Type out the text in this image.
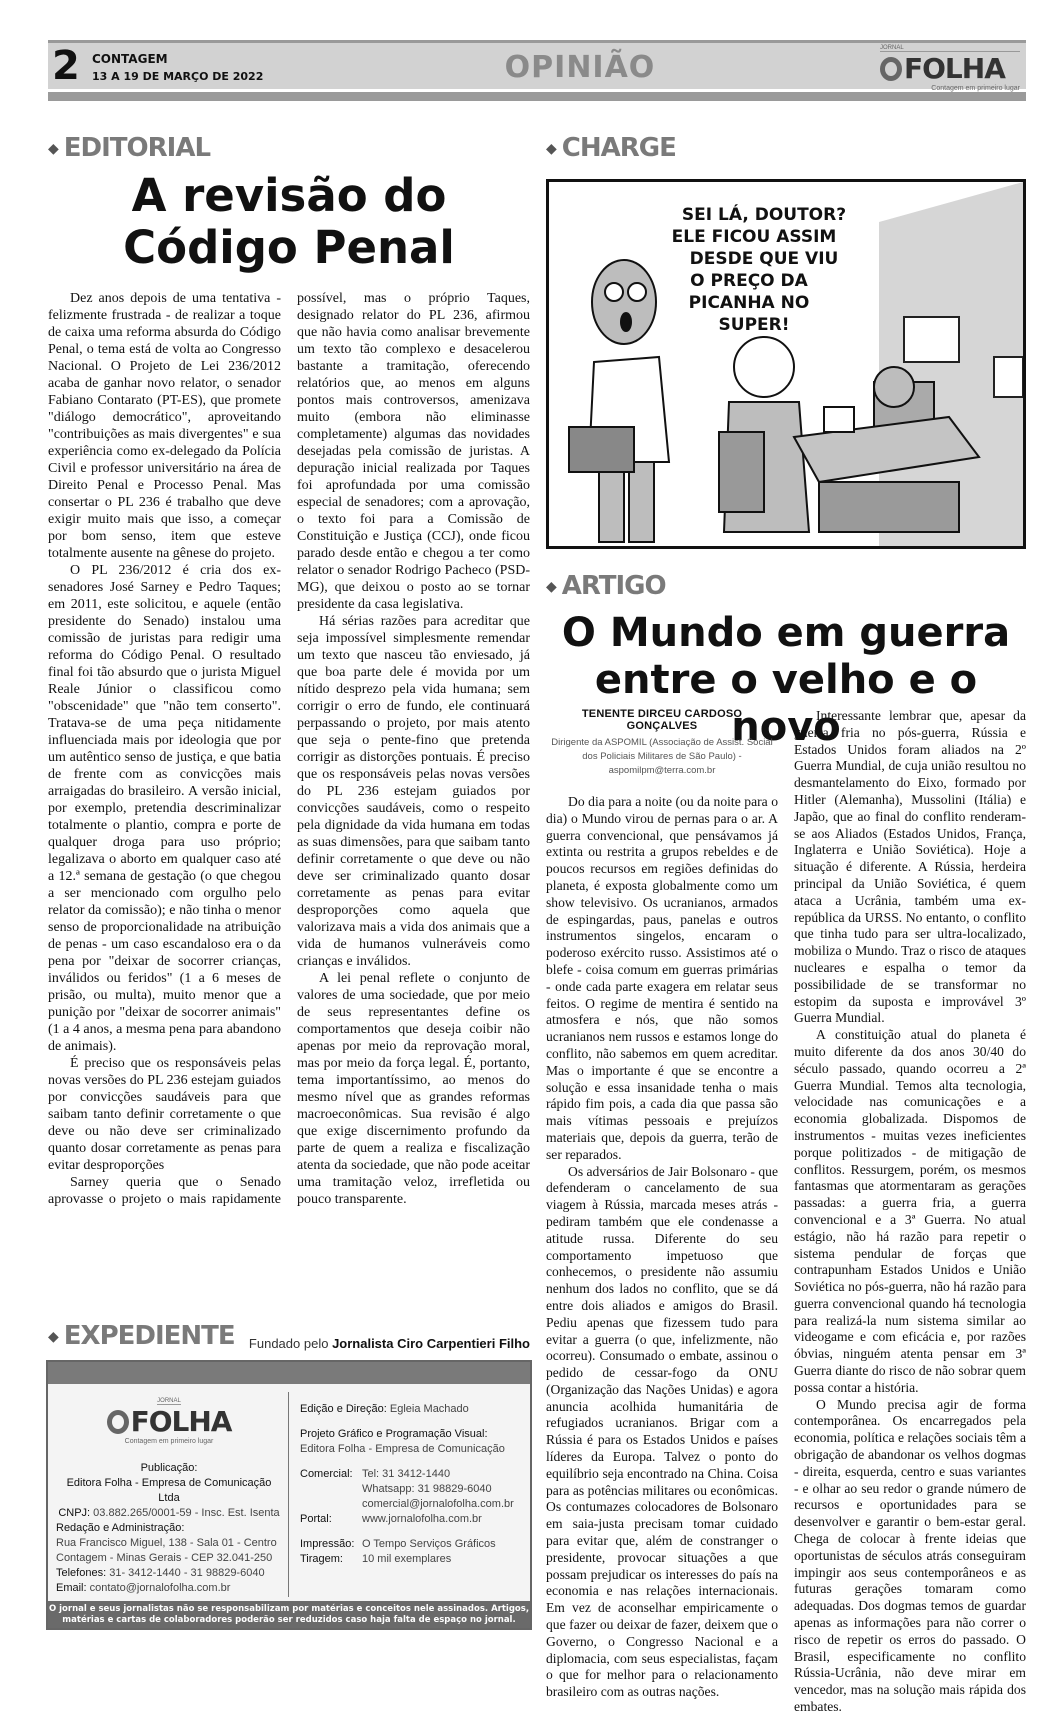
2 CONTAGEM
13 A 19 DE MARÇO DE 2022	OPINIÃO
JORNAL
FOLHA
Contagem em primeiro lugar
◆ EDITORIAL
A revisão do
Código Penal

Dez anos depois de uma tentativa - felizmente frustrada - de realizar a toque de caixa uma reforma absurda do Código Penal, o tema está de volta ao Congresso Nacional. O Projeto de Lei 236/2012 acaba de ganhar novo relator, o senador Fabiano Contarato (PT-ES), que promete "diálogo democrático", aproveitando "contribuições as mais divergentes" e sua experiência como ex-delegado da Polícia Civil e professor universitário na área de Direito Penal e Processo Penal. Mas consertar o PL 236 é trabalho que deve exigir muito mais que isso, a começar por bom senso, item que esteve totalmente ausente na gênese do projeto.

O PL 236/2012 é cria dos ex-senadores José Sarney e Pedro Taques; em 2011, este solicitou, e aquele (então presidente do Senado) instalou uma comissão de juristas para redigir uma reforma do Código Penal. O resultado final foi tão absurdo que o jurista Miguel Reale Júnior o classificou como "obscenidade" que "não tem conserto". Tratava-se de uma peça nitidamente influenciada mais por ideologia que por um autêntico senso de justiça, e que batia de frente com as convicções mais arraigadas do brasileiro. A versão inicial, por exemplo, pretendia descriminalizar totalmente o plantio, compra e porte de qualquer droga para uso próprio; legalizava o aborto em qualquer caso até a 12.ª semana de gestação (o que chegou a ser mencionado com orgulho pelo relator da comissão); e não tinha o menor senso de proporcionalidade na atribuição de penas - um caso escandaloso era o da pena por "deixar de socorrer crianças, inválidos ou feridos" (1 a 6 meses de prisão, ou multa), muito menor que a punição por "deixar de socorrer animais" (1 a 4 anos, a mesma pena para abandono de animais).

É preciso que os responsáveis pelas novas versões do PL 236 estejam guiados por convicções saudáveis para que saibam tanto definir corretamente o que deve ou não deve ser criminalizado quanto dosar corretamente as penas para evitar desproporções

Sarney queria que o Senado aprovasse o projeto o mais rapidamente possível, mas o próprio Taques, designado relator do PL 236, afirmou que não havia como analisar brevemente um texto tão complexo e desacelerou bastante a tramitação, oferecendo relatórios que, ao menos em alguns pontos mais controversos, amenizava muito (embora não eliminasse completamente) algumas das novidades desejadas pela comissão de juristas. A depuração inicial realizada por Taques foi aprofundada por uma comissão especial de senadores; com a aprovação, o texto foi para a Comissão de Constituição e Justiça (CCJ), onde ficou parado desde então e chegou a ter como relator o senador Rodrigo Pacheco (PSD-MG), que deixou o posto ao se tornar presidente da casa legislativa.

Há sérias razões para acreditar que seja impossível simplesmente remendar um texto que nasceu tão enviesado, já que boa parte dele é movida por um nítido desprezo pela vida humana; sem corrigir o erro de fundo, ele continuará perpassando o projeto, por mais atento que seja o pente-fino que pretenda corrigir as distorções pontuais. É preciso que os responsáveis pelas novas versões do PL 236 estejam guiados por convicções saudáveis, como o respeito pela dignidade da vida humana em todas as suas dimensões, para que saibam tanto definir corretamente o que deve ou não deve ser criminalizado quanto dosar corretamente as penas para evitar desproporções como aquela que valorizava mais a vida dos animais que a vida de humanos vulneráveis como crianças e inválidos.

A lei penal reflete o conjunto de valores de uma sociedade, que por meio de seus representantes define os comportamentos que deseja coibir não apenas por meio da reprovação moral, mas por meio da força legal. É, portanto, tema importantíssimo, ao menos do mesmo nível que as grandes reformas macroeconômicas. Sua revisão é algo que exige discernimento profundo da parte de quem a realiza e fiscalização atenta da sociedade, que não pode aceitar uma tramitação veloz, irrefletida ou pouco transparente.

◆ CHARGE
SEI LÁ, DOUTOR?
ELE FICOU ASSIM
DESDE QUE VIU
O PREÇO DA
PICANHA NO
SUPER!
◆ ARTIGO
O Mundo em guerra
entre o velho e o novo
TENENTE DIRCEU CARDOSO GONÇALVES
Dirigente da ASPOMIL (Associação de Assist. Social dos Policiais Militares de São Paulo) - aspomilpm@terra.com.br

Do dia para a noite (ou da noite para o dia) o Mundo virou de pernas para o ar. A guerra convencional, que pensávamos já extinta ou restrita a grupos rebeldes e de poucos recursos em regiões definidas do planeta, é exposta globalmente como um show televisivo. Os ucranianos, armados de espingardas, paus, panelas e outros instrumentos singelos, encaram o poderoso exército russo. Assistimos até o blefe - coisa comum em guerras primárias - onde cada parte exagera em relatar seus feitos. O regime de mentira é sentido na atmosfera e nós, que não somos ucranianos nem russos e estamos longe do conflito, não sabemos em quem acreditar. Mas o importante é que se encontre a solução e essa insanidade tenha o mais rápido fim pois, a cada dia que passa são mais vítimas pessoais e prejuízos materiais que, depois da guerra, terão de ser reparados.

Os adversários de Jair Bolsonaro - que defenderam o cancelamento de sua viagem à Rússia, marcada meses atrás - pediram também que ele condenasse a atitude russa. Diferente do seu comportamento impetuoso que conhecemos, o presidente não assumiu nenhum dos lados no conflito, que se dá entre dois aliados e amigos do Brasil. Pediu apenas que fizessem tudo para evitar a guerra (o que, infelizmente, não ocorreu). Consumado o embate, assinou o pedido de cessar-fogo da ONU (Organização das Nações Unidas) e agora anuncia acolhida humanitária de refugiados ucranianos. Brigar com a Rússia é para os Estados Unidos e países líderes da Europa. Talvez o ponto do equilíbrio seja encontrado na China. Coisa para as potências militares ou econômicas. Os contumazes colocadores de Bolsonaro em saia-justa precisam tomar cuidado para evitar que, além de constranger o presidente, provocar situações a que possam prejudicar os interesses do país na economia e nas relações internacionais. Em vez de aconselhar empiricamente o que fazer ou deixar de fazer, deixem que o Governo, o Congresso Nacional e a diplomacia, com seus especialistas, façam o que for melhor para o relacionamento brasileiro com as outras nações.

Interessante lembrar que, apesar da guerra fria no pós-guerra, Rússia e Estados Unidos foram aliados na 2º Guerra Mundial, de cuja união resultou no desmantelamento do Eixo, formado por Hitler (Alemanha), Mussolini (Itália) e Japão, que ao final do conflito renderam-se aos Aliados (Estados Unidos, França, Inglaterra e União Soviética). Hoje a situação é diferente. A Rússia, herdeira principal da União Soviética, é quem ataca a Ucrânia, também uma ex-república da URSS. No entanto, o conflito que tinha tudo para ser ultra-localizado, mobiliza o Mundo. Traz o risco de ataques nucleares e espalha o temor da possibilidade de se transformar no estopim da suposta e improvável 3º Guerra Mundial.

A constituição atual do planeta é muito diferente da dos anos 30/40 do século passado, quando ocorreu a 2ª Guerra Mundial. Temos alta tecnologia, velocidade nas comunicações e a economia globalizada. Dispomos de instrumentos - muitas vezes ineficientes porque politizados - de mitigação de conflitos. Ressurgem, porém, os mesmos fantasmas que atormentaram as gerações passadas: a guerra fria, a guerra convencional e a 3ª Guerra. No atual estágio, não há razão para repetir o sistema pendular de forças que contrapunham Estados Unidos e União Soviética no pós-guerra, não há razão para guerra convencional quando há tecnologia para realizá-la num sistema similar ao videogame e com eficácia e, por razões óbvias, ninguém atenta pensar em 3ª Guerra diante do risco de não sobrar quem possa contar a história.

O Mundo precisa agir de forma contemporânea. Os encarregados pela economia, política e relações sociais têm a obrigação de abandonar os velhos dogmas - direita, esquerda, centro e suas variantes - e olhar ao seu redor o grande número de recursos e oportunidades para se desenvolver e garantir o bem-estar geral. Chega de colocar à frente ideias que oportunistas de séculos atrás conseguiram impingir aos seus contemporâneos e as futuras gerações tomaram como adequadas. Dos dogmas temos de guardar apenas as informações para não correr o risco de repetir os erros do passado. O Brasil, especificamente no conflito Rússia-Ucrânia, não deve mirar em vencedor, mas na solução mais rápida dos embates.

◆ EXPEDIENTE	Fundado pelo Jornalista Ciro Carpentieri Filho
JORNAL
FOLHA
Contagem em primeiro lugar
Publicação:
Editora Folha - Empresa de Comunicação Ltda
CNPJ: 03.882.265/0001-59 - Insc. Est. Isenta
Redação e Administração:
Rua Francisco Miguel, 138 - Sala 01 - Centro
Contagem - Minas Gerais - CEP 32.041-250
Telefones: 31- 3412-1440 - 31 98829-6040
Email: contato@jornalofolha.com.br
Edição e Direção: Egleia Machado
Projeto Gráfico e Programação Visual:
Editora Folha - Empresa de Comunicação
Comercial: Tel: 31 3412-1440
Whatsapp: 31 98829-6040
comercial@jornalofolha.com.br
Portal:	www.jornalofolha.com.br
Impressão: O Tempo Serviços Gráficos
Tiragem:	10 mil exemplares
O jornal e seus jornalistas não se responsabilizam por matérias e conceitos nele assinados. Artigos, matérias e cartas de colaboradores poderão ser reduzidos caso haja falta de espaço no jornal.
